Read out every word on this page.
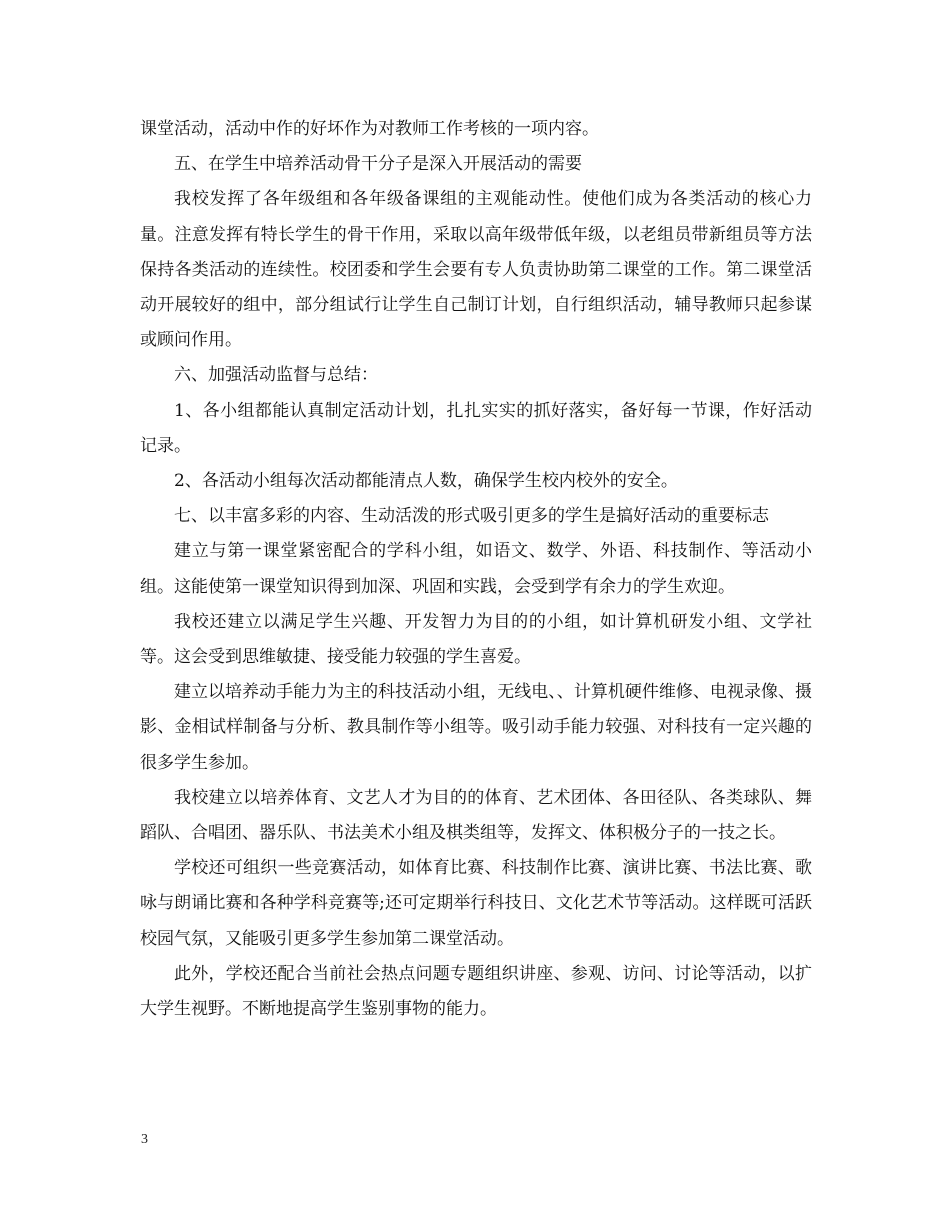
课堂活动，活动中作的好坏作为对教师工作考核的一项内容。

五、在学生中培养活动骨干分子是深入开展活动的需要

我校发挥了各年级组和各年级备课组的主观能动性。使他们成为各类活动的核心力量。注意发挥有特长学生的骨干作用，采取以高年级带低年级，以老组员带新组员等方法保持各类活动的连续性。校团委和学生会要有专人负责协助第二课堂的工作。第二课堂活动开展较好的组中，部分组试行让学生自己制订计划，自行组织活动，辅导教师只起参谋或顾问作用。

六、加强活动监督与总结：

1、各小组都能认真制定活动计划，扎扎实实的抓好落实，备好每一节课，作好活动记录。

2、各活动小组每次活动都能清点人数，确保学生校内校外的安全。

七、以丰富多彩的内容、生动活泼的形式吸引更多的学生是搞好活动的重要标志

建立与第一课堂紧密配合的学科小组，如语文、数学、外语、科技制作、等活动小组。这能使第一课堂知识得到加深、巩固和实践，会受到学有余力的学生欢迎。

我校还建立以满足学生兴趣、开发智力为目的的小组，如计算机研发小组、文学社等。这会受到思维敏捷、接受能力较强的学生喜爱。

建立以培养动手能力为主的科技活动小组，无线电、、计算机硬件维修、电视录像、摄影、金相试样制备与分析、教具制作等小组等。吸引动手能力较强、对科技有一定兴趣的很多学生参加。

我校建立以培养体育、文艺人才为目的的体育、艺术团体、各田径队、各类球队、舞蹈队、合唱团、器乐队、书法美术小组及棋类组等，发挥文、体积极分子的一技之长。

学校还可组织一些竞赛活动，如体育比赛、科技制作比赛、演讲比赛、书法比赛、歌咏与朗诵比赛和各种学科竞赛等;还可定期举行科技日、文化艺术节等活动。这样既可活跃校园气氛，又能吸引更多学生参加第二课堂活动。

此外，学校还配合当前社会热点问题专题组织讲座、参观、访问、讨论等活动，以扩大学生视野。不断地提高学生鉴别事物的能力。

3
